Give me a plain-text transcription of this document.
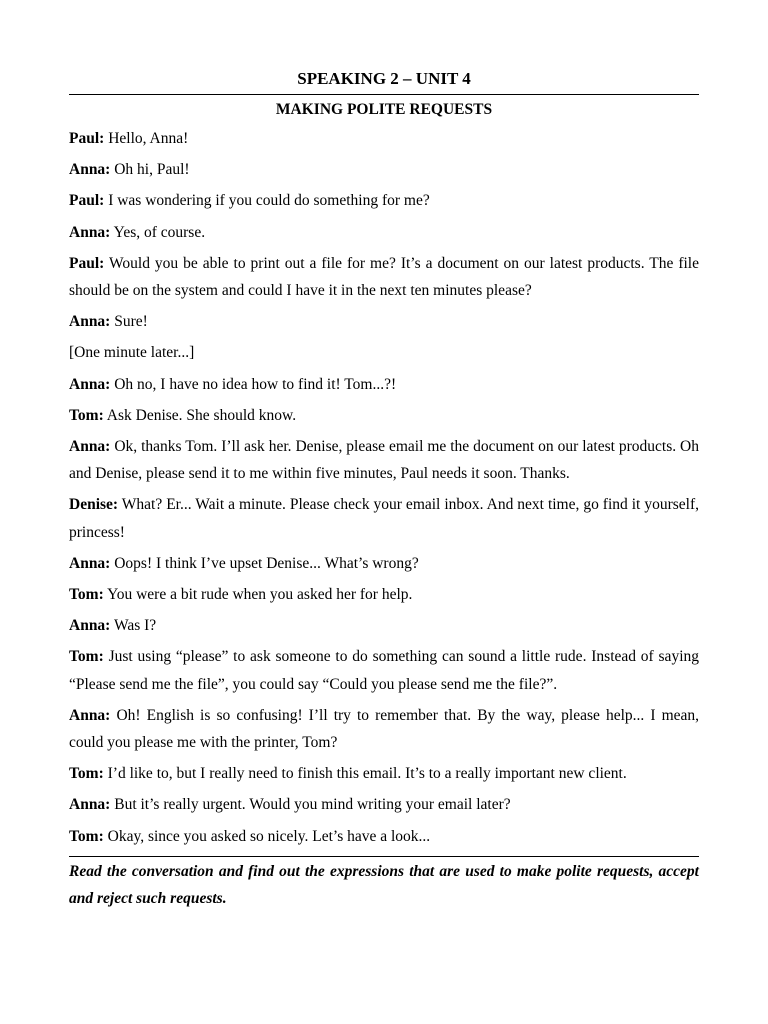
SPEAKING 2 – UNIT 4
MAKING POLITE REQUESTS
Paul: Hello, Anna!
Anna: Oh hi, Paul!
Paul: I was wondering if you could do something for me?
Anna: Yes, of course.
Paul: Would you be able to print out a file for me? It’s a document on our latest products. The file should be on the system and could I have it in the next ten minutes please?
Anna: Sure!
[One minute later...]
Anna: Oh no, I have no idea how to find it! Tom...?!
Tom: Ask Denise. She should know.
Anna: Ok, thanks Tom. I’ll ask her. Denise, please email me the document on our latest products. Oh and Denise, please send it to me within five minutes, Paul needs it soon. Thanks.
Denise: What? Er... Wait a minute. Please check your email inbox. And next time, go find it yourself, princess!
Anna: Oops! I think I’ve upset Denise... What’s wrong?
Tom: You were a bit rude when you asked her for help.
Anna: Was I?
Tom: Just using “please” to ask someone to do something can sound a little rude. Instead of saying “Please send me the file”, you could say “Could you please send me the file?”.
Anna: Oh! English is so confusing! I’ll try to remember that. By the way, please help... I mean, could you please me with the printer, Tom?
Tom: I’d like to, but I really need to finish this email. It’s to a really important new client.
Anna: But it’s really urgent. Would you mind writing your email later?
Tom: Okay, since you asked so nicely. Let’s have a look...
Read the conversation and find out the expressions that are used to make polite requests, accept and reject such requests.
